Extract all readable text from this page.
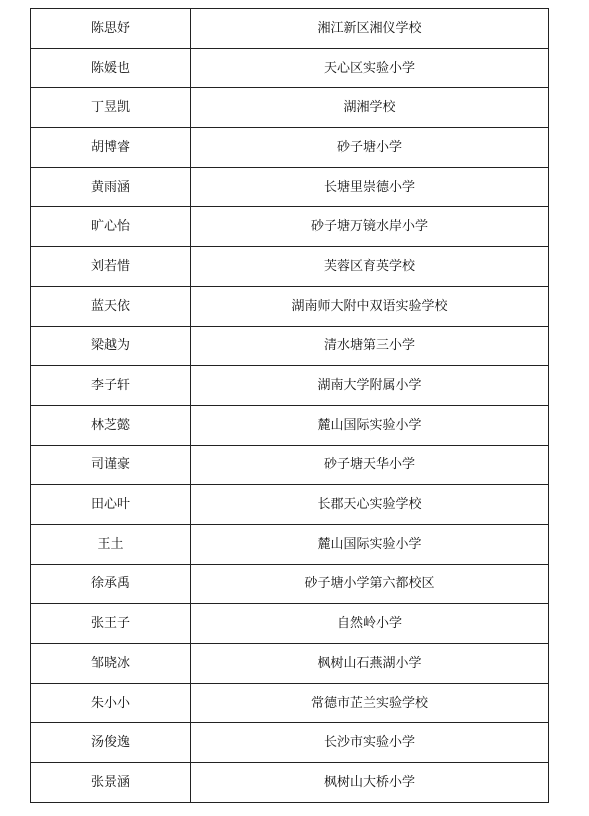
陈思妤	湘江新区湘仪学校
陈媛也	天心区实验小学
丁昱凯	湖湘学校
胡博睿	砂子塘小学
黄雨涵	长塘里崇德小学
旷心怡	砂子塘万镜水岸小学
刘若惜	芙蓉区育英学校
蓝天依	湖南师大附中双语实验学校
梁越为	清水塘第三小学
李子轩	湖南大学附属小学
林芝懿	麓山国际实验小学
司谨豪	砂子塘天华小学
田心叶	长郡天心实验学校
王土	麓山国际实验小学
徐承禹	砂子塘小学第六都校区
张王子	自然岭小学
邹晓冰	枫树山石燕湖小学
朱小小	常德市芷兰实验学校
汤俊逸	长沙市实验小学
张景涵	枫树山大桥小学
